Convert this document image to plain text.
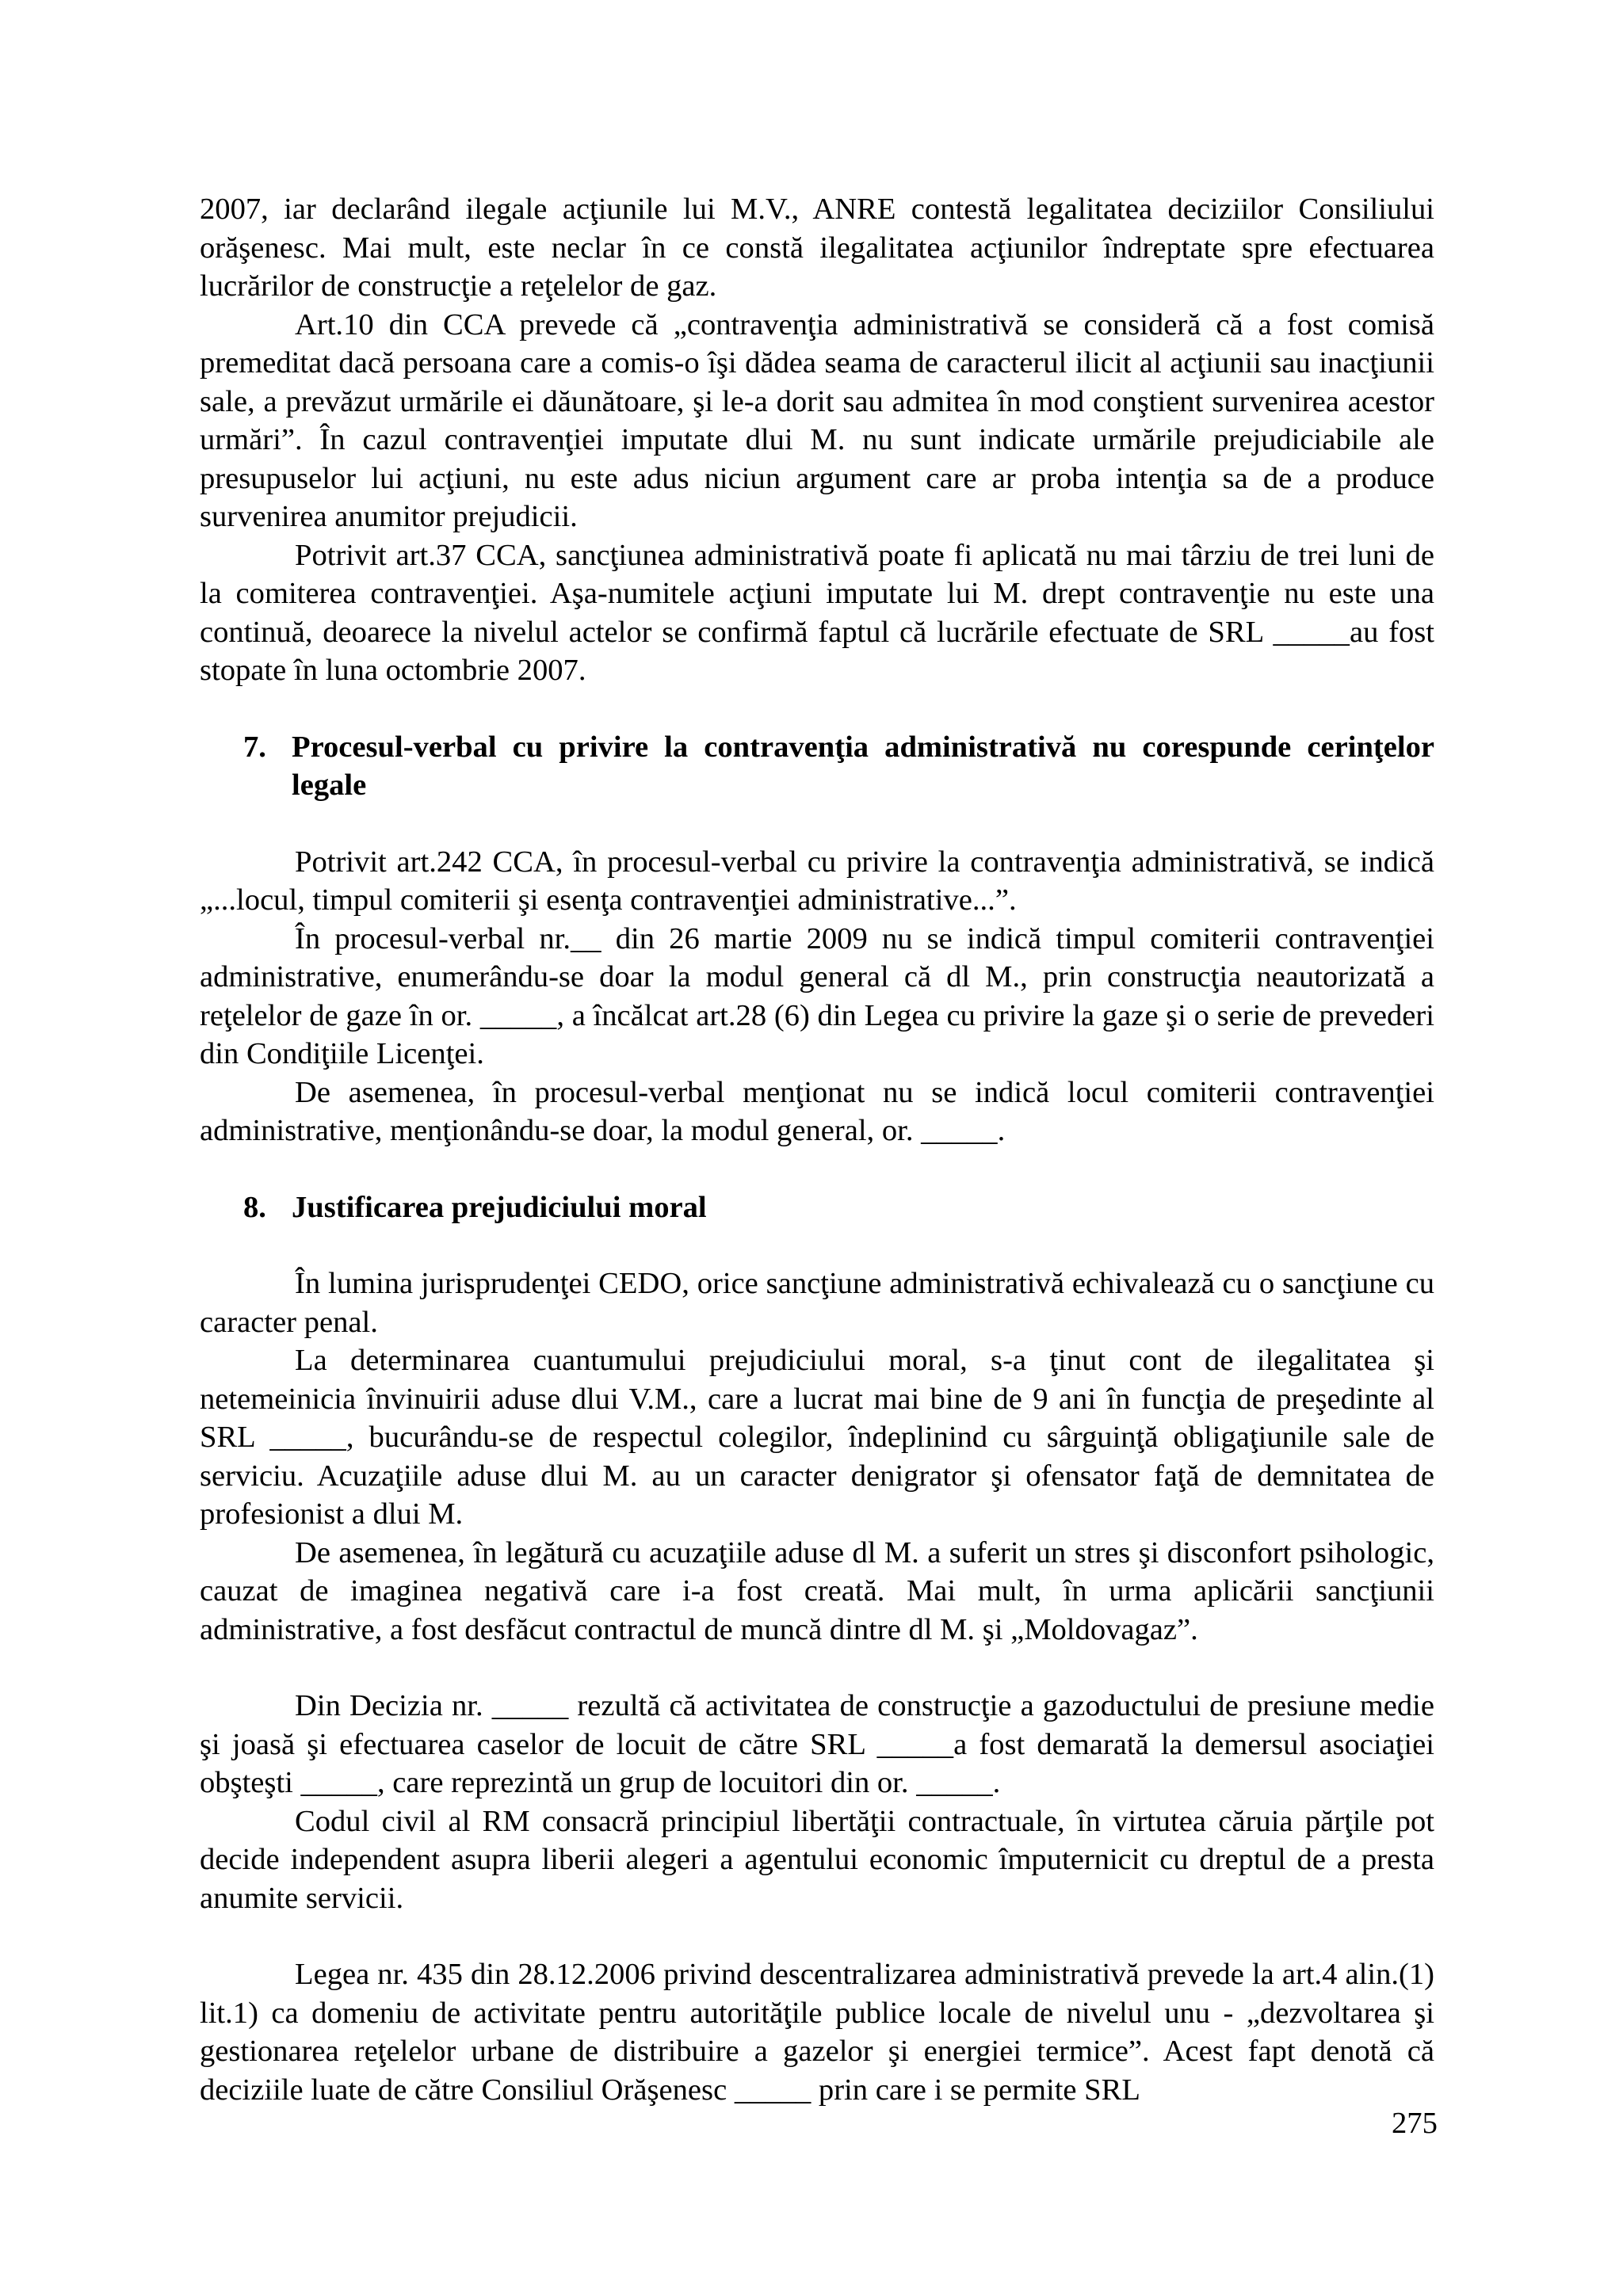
2007, iar declarând ilegale acţiunile lui M.V., ANRE contestă legalitatea deciziilor Consiliului orăşenesc. Mai mult, este neclar în ce constă ilegalitatea acţiunilor îndreptate spre efectuarea lucrărilor de construcţie a reţelelor de gaz.

Art.10 din CCA prevede că „contravenţia administrativă se consideră că a fost comisă premeditat dacă persoana care a comis-o îşi dădea seama de caracterul ilicit al acţiunii sau inacţiunii sale, a prevăzut urmările ei dăunătoare, şi le-a dorit sau admitea în mod conştient survenirea acestor urmări”. În cazul contravenţiei imputate dlui M. nu sunt indicate urmările prejudiciabile ale presupuselor lui acţiuni, nu este adus niciun argument care ar proba intenţia sa de a produce survenirea anumitor prejudicii.

Potrivit art.37 CCA, sancţiunea administrativă poate fi aplicată nu mai târziu de trei luni de la comiterea contravenţiei. Aşa-numitele acţiuni imputate lui M. drept contravenţie nu este una continuă, deoarece la nivelul actelor se confirmă faptul că lucrările efectuate de SRL _____au fost stopate în luna octombrie 2007.

7. Procesul-verbal cu privire la contravenţia administrativă nu corespunde cerinţelor legale

Potrivit art.242 CCA, în procesul-verbal cu privire la contravenţia administrativă, se indică „...locul, timpul comiterii şi esenţa contravenţiei administrative...”.

În procesul-verbal nr.__ din 26 martie 2009 nu se indică timpul comiterii contravenţiei administrative, enumerându-se doar la modul general că dl M., prin construcţia neautorizată a reţelelor de gaze în or. _____, a încălcat art.28 (6) din Legea cu privire la gaze şi o serie de prevederi din Condiţiile Licenţei.

De asemenea, în procesul-verbal menţionat nu se indică locul comiterii contravenţiei administrative, menţionându-se doar, la modul general, or. _____.

8. Justificarea prejudiciului moral

În lumina jurisprudenţei CEDO, orice sancţiune administrativă echivalează cu o sancţiune cu caracter penal.

La determinarea cuantumului prejudiciului moral, s-a ţinut cont de ilegalitatea şi netemeinicia învinuirii aduse dlui V.M., care a lucrat mai bine de 9 ani în funcţia de preşedinte al SRL _____, bucurându-se de respectul colegilor, îndeplinind cu sârguinţă obligaţiunile sale de serviciu. Acuzaţiile aduse dlui M. au un caracter denigrator şi ofensator faţă de demnitatea de profesionist a dlui M.

De asemenea, în legătură cu acuzaţiile aduse dl M. a suferit un stres şi disconfort psihologic, cauzat de imaginea negativă care i-a fost creată. Mai mult, în urma aplicării sancţiunii administrative, a fost desfăcut contractul de muncă dintre dl M. şi „Moldovagaz”.

Din Decizia nr. _____ rezultă că activitatea de construcţie a gazoductului de presiune medie şi joasă şi efectuarea caselor de locuit de către SRL _____a fost demarată la demersul asociaţiei obşteşti _____, care reprezintă un grup de locuitori din or. _____.

Codul civil al RM consacră principiul libertăţii contractuale, în virtutea căruia părţile pot decide independent asupra liberii alegeri a agentului economic împuternicit cu dreptul de a presta anumite servicii.

Legea nr. 435 din 28.12.2006 privind descentralizarea administrativă prevede la art.4 alin.(1) lit.1) ca domeniu de activitate pentru autorităţile publice locale de nivelul unu - „dezvoltarea şi gestionarea reţelelor urbane de distribuire a gazelor şi energiei termice”. Acest fapt denotă că deciziile luate de către Consiliul Orăşenesc _____ prin care i se permite SRL

275
